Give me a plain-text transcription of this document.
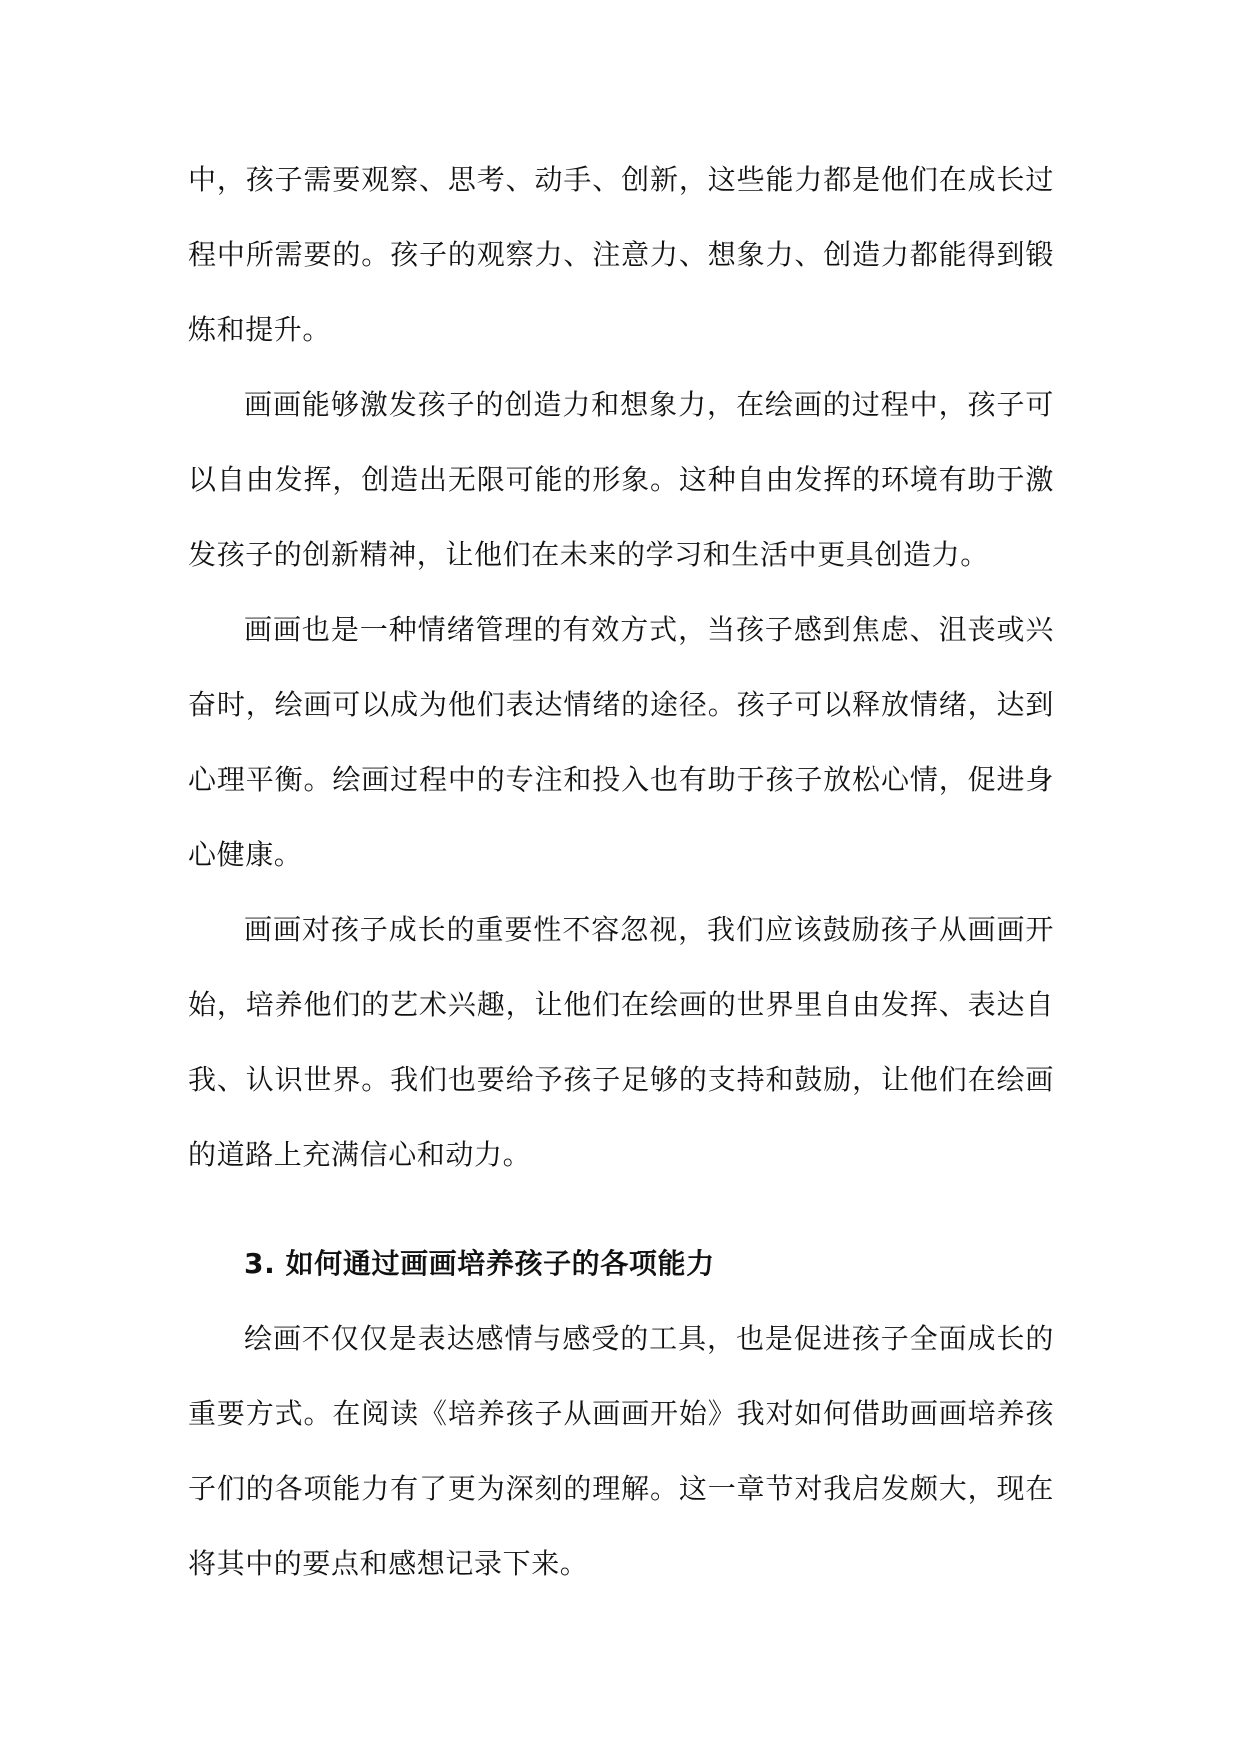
中，孩子需要观察、思考、动手、创新，这些能力都是他们在成长过程中所需要的。孩子的观察力、注意力、想象力、创造力都能得到锻炼和提升。

画画能够激发孩子的创造力和想象力，在绘画的过程中，孩子可以自由发挥，创造出无限可能的形象。这种自由发挥的环境有助于激发孩子的创新精神，让他们在未来的学习和生活中更具创造力。

画画也是一种情绪管理的有效方式，当孩子感到焦虑、沮丧或兴奋时，绘画可以成为他们表达情绪的途径。孩子可以释放情绪，达到心理平衡。绘画过程中的专注和投入也有助于孩子放松心情，促进身心健康。

画画对孩子成长的重要性不容忽视，我们应该鼓励孩子从画画开始，培养他们的艺术兴趣，让他们在绘画的世界里自由发挥、表达自我、认识世界。我们也要给予孩子足够的支持和鼓励，让他们在绘画的道路上充满信心和动力。

3. 如何通过画画培养孩子的各项能力

绘画不仅仅是表达感情与感受的工具，也是促进孩子全面成长的重要方式。在阅读《培养孩子从画画开始》我对如何借助画画培养孩子们的各项能力有了更为深刻的理解。这一章节对我启发颇大，现在将其中的要点和感想记录下来。
